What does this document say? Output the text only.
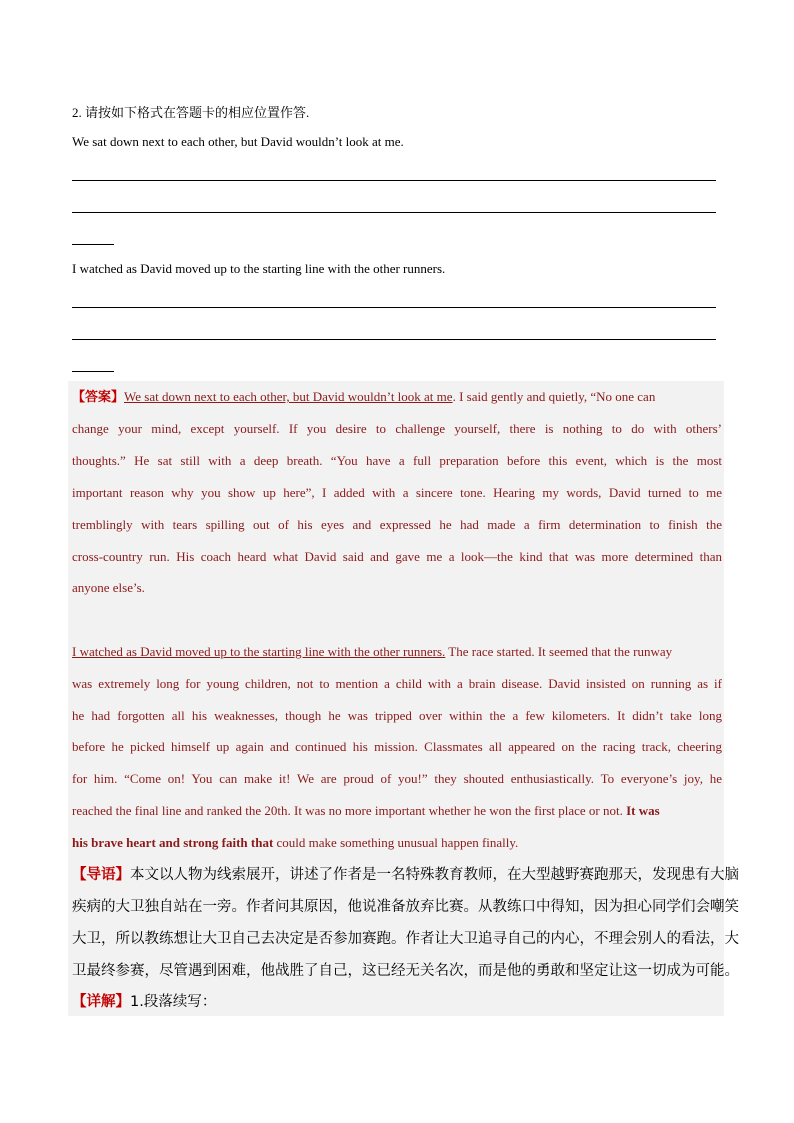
2. 请按如下格式在答题卡的相应位置作答.
We sat down next to each other, but David wouldn’t look at me.
I watched as David moved up to the starting line with the other runners.
【答案】We sat down next to each other, but David wouldn’t look at me. I said gently and quietly, “No one can
change your mind, except yourself. If you desire to challenge yourself, there is nothing to do with others’
thoughts.” He sat still with a deep breath. “You have a full preparation before this event, which is the most
important reason why you show up here”, I added with a sincere tone. Hearing my words, David turned to me
tremblingly with tears spilling out of his eyes and expressed he had made a firm determination to finish the
cross-country run. His coach heard what David said and gave me a look—the kind that was more determined than
anyone else’s.
I watched as David moved up to the starting line with the other runners. The race started. It seemed that the runway
was extremely long for young children, not to mention a child with a brain disease. David insisted on running as if
he had forgotten all his weaknesses, though he was tripped over within the a few kilometers. It didn’t take long
before he picked himself up again and continued his mission. Classmates all appeared on the racing track, cheering
for him. “Come on! You can make it! We are proud of you!” they shouted enthusiastically. To everyone’s joy, he
reached the final line and ranked the 20th. It was no more important whether he won the first place or not. It was
his brave heart and strong faith that could make something unusual happen finally.
【导语】本文以人物为线索展开，讲述了作者是一名特殊教育教师，在大型越野赛跑那天，发现患有大脑
疾病的大卫独自站在一旁。作者问其原因，他说准备放弃比赛。从教练口中得知，因为担心同学们会嘲笑
大卫，所以教练想让大卫自己去决定是否参加赛跑。作者让大卫追寻自己的内心，不理会别人的看法，大
卫最终参赛，尽管遇到困难，他战胜了自己，这已经无关名次，而是他的勇敢和坚定让这一切成为可能。
【详解】1.段落续写：
